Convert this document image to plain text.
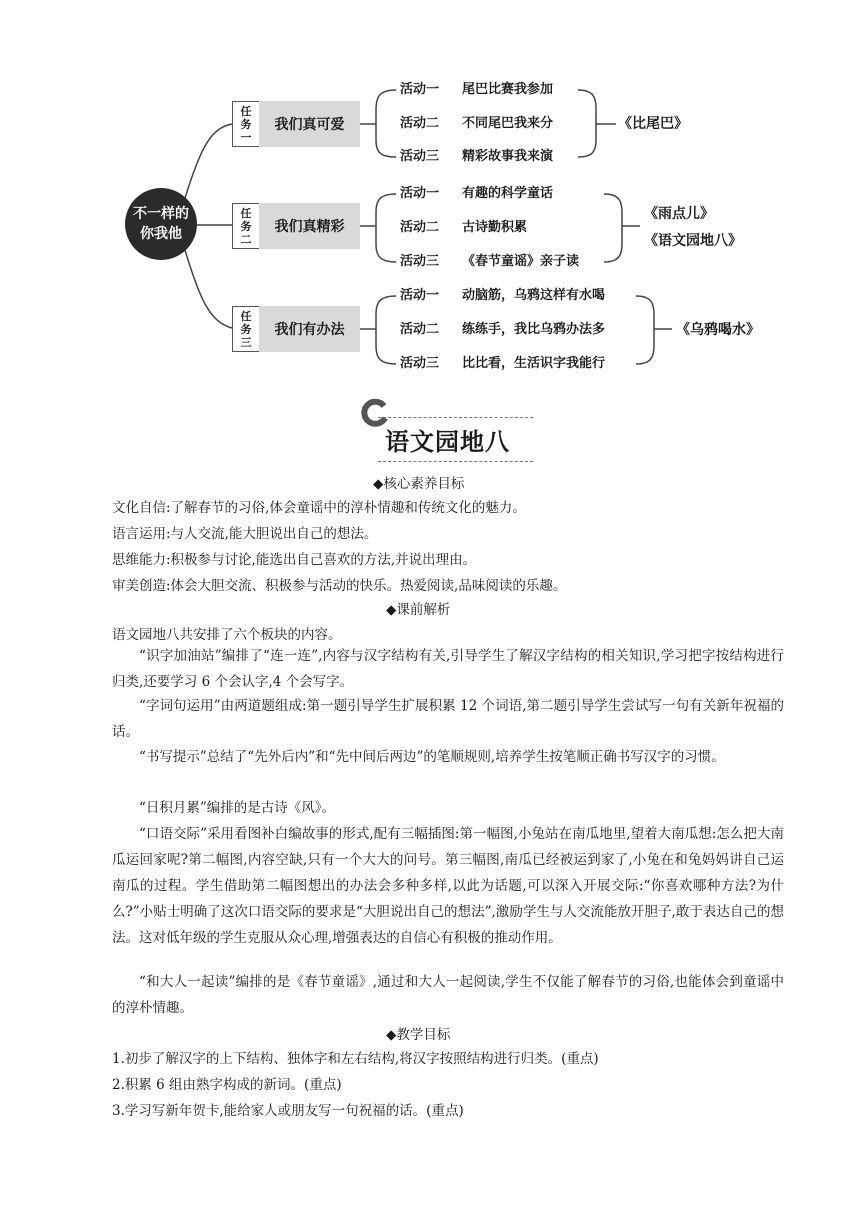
不一样的
你我他
任
务
一
我们真可爱
活动一 尾巴比赛我参加
活动二 不同尾巴我来分
活动三 精彩故事我来演
《比尾巴》
任
务
二
我们真精彩
活动一 有趣的科学童话
活动二 古诗勤积累
活动三 《春节童谣》亲子读
《雨点儿》
《语文园地八》
任
务
三
我们有办法
活动一 动脑筋，乌鸦这样有水喝
活动二 练练手，我比乌鸦办法多
活动三 比比看，生活识字我能行
《乌鸦喝水》
语文园地八
◆核心素养目标
文化自信:了解春节的习俗,体会童谣中的淳朴情趣和传统文化的魅力。
语言运用:与人交流,能大胆说出自己的想法。
思维能力:积极参与讨论,能选出自己喜欢的方法,并说出理由。
审美创造:体会大胆交流、积极参与活动的快乐。热爱阅读,品味阅读的乐趣。
◆课前解析
语文园地八共安排了六个板块的内容。
“识字加油站”编排了“连一连”,内容与汉字结构有关,引导学生了解汉字结构的相关知识,学习把字按结构进行归类,还要学习 6 个会认字,4 个会写字。
“字词句运用”由两道题组成:第一题引导学生扩展积累 12 个词语,第二题引导学生尝试写一句有关新年祝福的话。
“书写提示”总结了“先外后内”和“先中间后两边”的笔顺规则,培养学生按笔顺正确书写汉字的习惯。
“日积月累”编排的是古诗《风》。
“口语交际”采用看图补白编故事的形式,配有三幅插图:第一幅图,小兔站在南瓜地里,望着大南瓜想:怎么把大南瓜运回家呢?第二幅图,内容空缺,只有一个大大的问号。第三幅图,南瓜已经被运到家了,小兔在和兔妈妈讲自己运南瓜的过程。学生借助第二幅图想出的办法会多种多样,以此为话题,可以深入开展交际:“你喜欢哪种方法?为什么?”小贴士明确了这次口语交际的要求是“大胆说出自己的想法”,激励学生与人交流能放开胆子,敢于表达自己的想法。这对低年级的学生克服从众心理,增强表达的自信心有积极的推动作用。
“和大人一起读”编排的是《春节童谣》,通过和大人一起阅读,学生不仅能了解春节的习俗,也能体会到童谣中的淳朴情趣。
◆教学目标
1.初步了解汉字的上下结构、独体字和左右结构,将汉字按照结构进行归类。(重点)
2.积累 6 组由熟字构成的新词。(重点)
3.学习写新年贺卡,能给家人或朋友写一句祝福的话。(重点)
